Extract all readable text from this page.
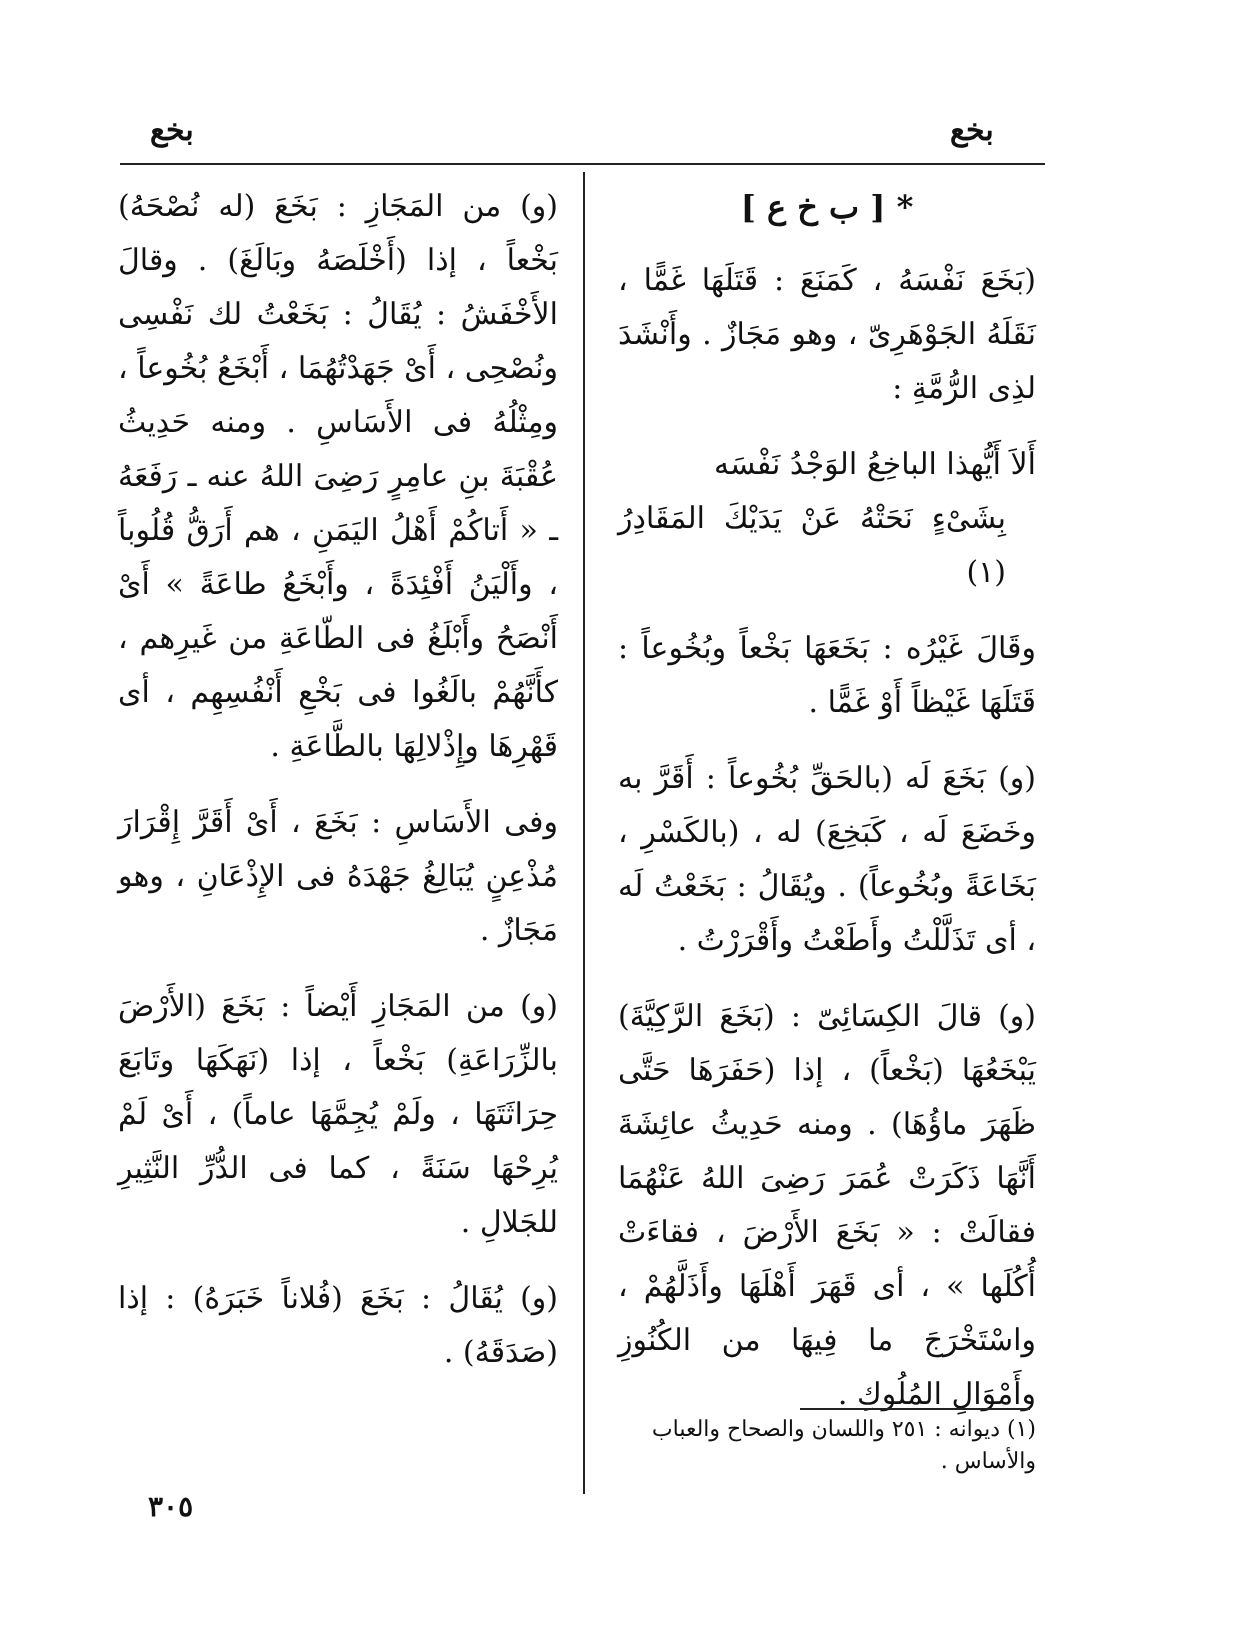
بخع	بخع
* [ ب خ ع ]

(بَخَعَ نَفْسَهُ ، كَمَنَعَ : قَتَلَهَا غَمًّا ، نَقَلَهُ الجَوْهَرِىّ ، وهو مَجَازٌ . وأَنْشَدَ لذِى الرُّمَّةِ :

أَلاَ أَيُّهذا الباخِعُ الوَجْدُ نَفْسَه
بِشَىْءٍ نَحَتْهُ عَنْ يَدَيْكَ المَقَادِرُ (١)

وقَالَ غَيْرُه : بَخَعَهَا بَخْعاً وبُخُوعاً : قَتَلَهَا غَيْظاً أَوْ غَمًّا .

(و) بَخَعَ لَه (بالحَقِّ بُخُوعاً : أَقَرَّ به وخَضَعَ لَه ، كَبَخِعَ) له ، (بالكَسْرِ ، بَخَاعَةً وبُخُوعاً) . ويُقَالُ : بَخَعْتُ لَه ، أى تَذَلَّلْتُ وأَطَعْتُ وأَقْرَرْتُ .

(و) قالَ الكِسَائِىّ : (بَخَعَ الرَّكِيَّةَ) يَبْخَعُهَا (بَخْعاً) ، إذا (حَفَرَهَا حَتَّى ظَهَرَ ماؤُهَا) . ومنه حَدِيثُ عائِشَةَ أَنَّهَا ذَكَرَتْ عُمَرَ رَضِىَ اللهُ عَنْهُمَا فقالَتْ : « بَخَعَ الأَرْضَ ، فقاءَتْ أُكُلَها » ، أى قَهَرَ أَهْلَهَا وأَذَلَّهُمْ ، واسْتَخْرَجَ ما فِيهَا من الكُنُوزِ وأَمْوَالِ المُلُوكِ .

(١) ديوانه : ٢٥١ واللسان والصحاح والعباب والأساس .

(و) من المَجَازِ : بَخَعَ (له نُصْحَهُ) بَخْعاً ، إذا (أَخْلَصَهُ وبَالَغَ) . وقالَ الأَخْفَشُ : يُقَالُ : بَخَعْتُ لك نَفْسِى ونُصْحِى ، أَىْ جَهَدْتُهُمَا ، أَبْخَعُ بُخُوعاً ، ومِثْلُهُ فى الأَسَاسِ . ومنه حَدِيثُ عُقْبَةَ بنِ عامِرٍ رَضِىَ اللهُ عنه ـ رَفَعَهُ ـ « أَتاكُمْ أَهْلُ اليَمَنِ ، هم أَرَقُّ قُلُوباً ، وأَلْيَنُ أَفْئِدَةً ، وأَبْخَعُ طاعَةً » أَىْ أَنْصَحُ وأَبْلَغُ فى الطّاعَةِ من غَيرِهم ، كأَنَّهُمْ بالَغُوا فى بَخْعِ أَنْفُسِهِم ، أى قَهْرِهَا وإِذْلالِهَا بالطَّاعَةِ .

وفى الأَسَاسِ : بَخَعَ ، أَىْ أَقَرَّ إِقْرَارَ مُذْعِنٍ يُبَالِغُ جَهْدَهُ فى الإِذْعَانِ ، وهو مَجَازٌ .

(و) من المَجَازِ أَيْضاً : بَخَعَ (الأَرْضَ بالزِّرَاعَةِ) بَخْعاً ، إذا (نَهَكَهَا وتَابَعَ حِرَاثَتَهَا ، ولَمْ يُجِمَّهَا عاماً) ، أَىْ لَمْ يُرِحْهَا سَنَةً ، كما فى الدُّرِّ النَّثِيرِ للجَلالِ .

(و) يُقَالُ : بَخَعَ (فُلاناً خَبَرَهُ) : إذا (صَدَقَهُ) .

٣٠٥
